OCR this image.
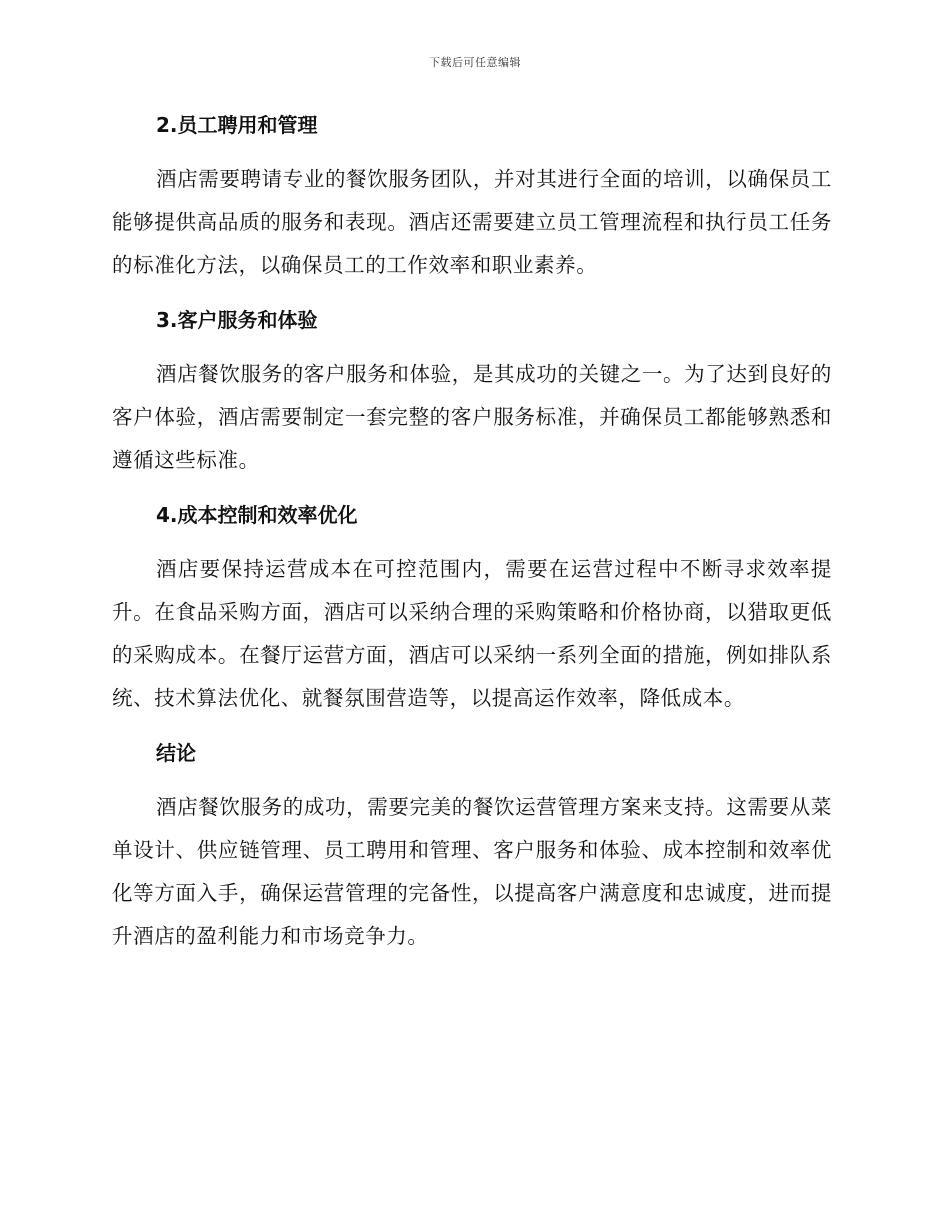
下载后可任意编辑
2.员工聘用和管理

酒店需要聘请专业的餐饮服务团队，并对其进行全面的培训，以确保员工能够提供高品质的服务和表现。酒店还需要建立员工管理流程和执行员工任务的标准化方法，以确保员工的工作效率和职业素养。

3.客户服务和体验

酒店餐饮服务的客户服务和体验，是其成功的关键之一。为了达到良好的客户体验，酒店需要制定一套完整的客户服务标准，并确保员工都能够熟悉和遵循这些标准。

4.成本控制和效率优化

酒店要保持运营成本在可控范围内，需要在运营过程中不断寻求效率提升。在食品采购方面，酒店可以采纳合理的采购策略和价格协商，以猎取更低的采购成本。在餐厅运营方面，酒店可以采纳一系列全面的措施，例如排队系统、技术算法优化、就餐氛围营造等，以提高运作效率，降低成本。

结论

酒店餐饮服务的成功，需要完美的餐饮运营管理方案来支持。这需要从菜单设计、供应链管理、员工聘用和管理、客户服务和体验、成本控制和效率优化等方面入手，确保运营管理的完备性，以提高客户满意度和忠诚度，进而提升酒店的盈利能力和市场竞争力。
